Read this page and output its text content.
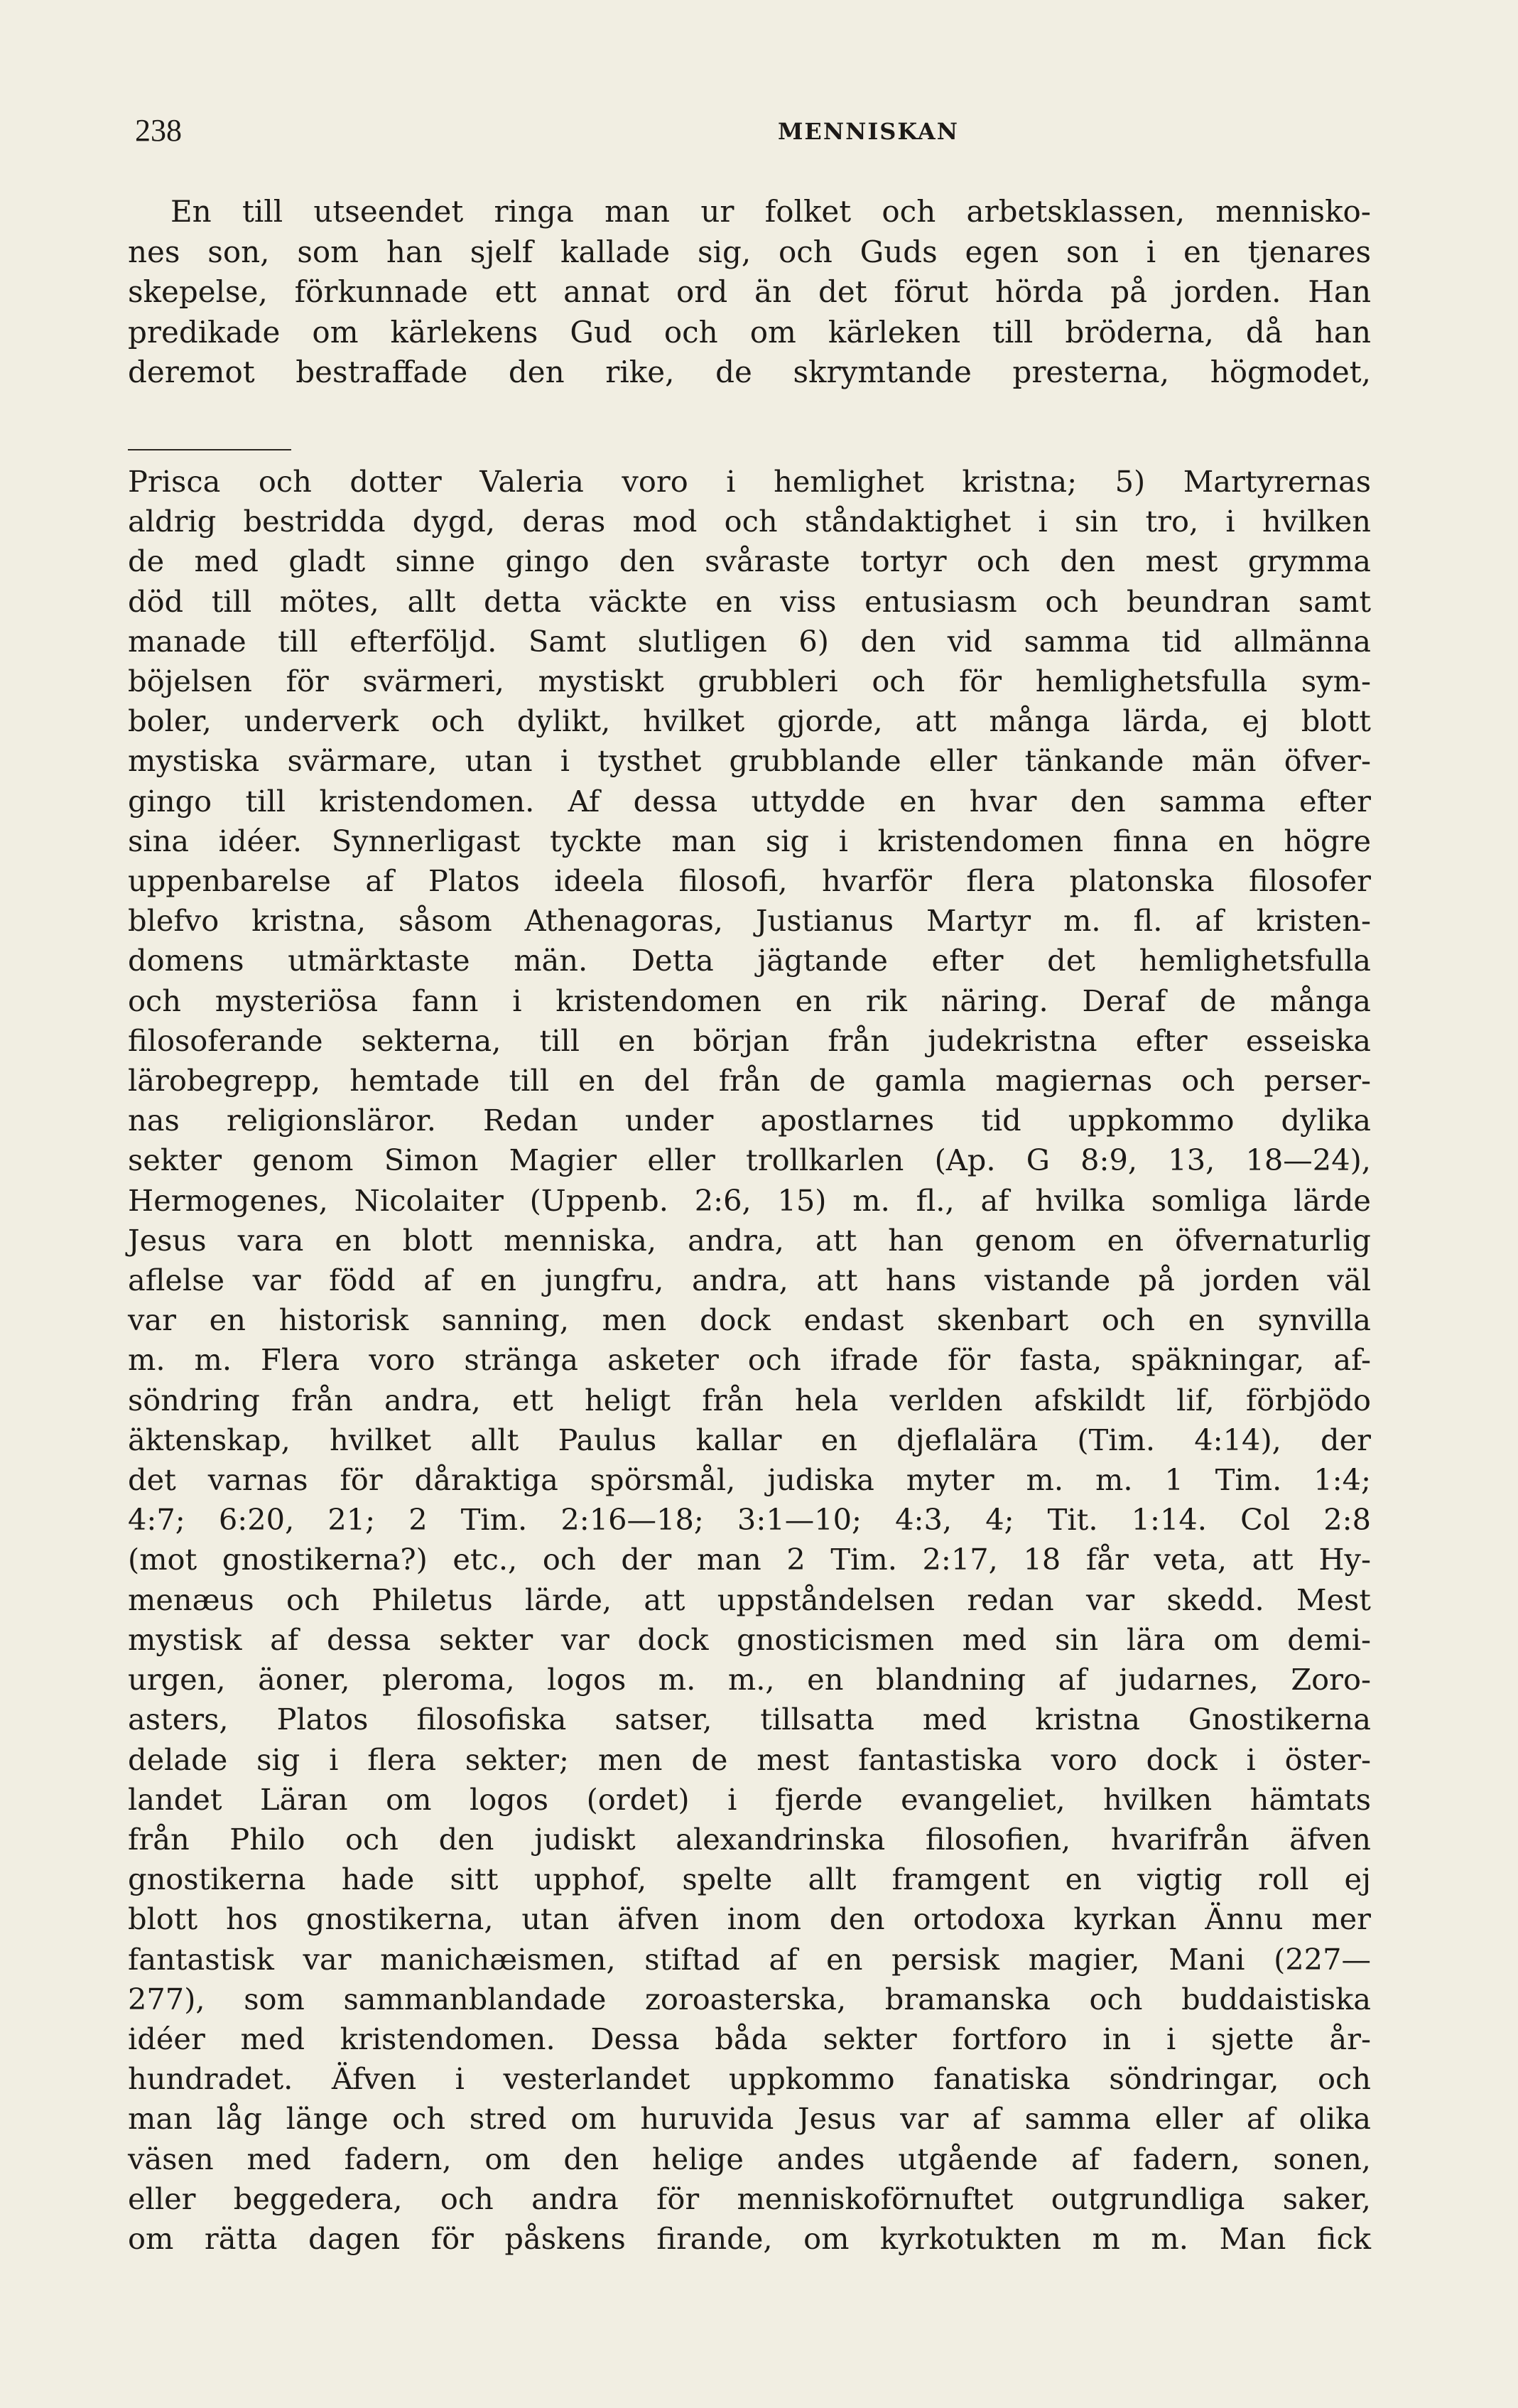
238	MENNISKAN
En till utseendet ringa man ur folket och arbetsklassen, mennisko-
nes son, som han sjelf kallade sig, och Guds egen son i en tjenares
skepelse, förkunnade ett annat ord än det förut hörda på jorden. Han
predikade om kärlekens Gud och om kärleken till bröderna, då han
deremot bestraffade den rike, de skrymtande presterna, högmodet,
Prisca och dotter Valeria voro i hemlighet kristna; 5) Martyrernas
aldrig bestridda dygd, deras mod och ståndaktighet i sin tro, i hvilken
de med gladt sinne gingo den svåraste tortyr och den mest grymma
död till mötes, allt detta väckte en viss entusiasm och beundran samt
manade till efterföljd. Samt slutligen 6) den vid samma tid allmänna
böjelsen för svärmeri, mystiskt grubbleri och för hemlighetsfulla sym-
boler, underverk och dylikt, hvilket gjorde, att många lärda, ej blott
mystiska svärmare, utan i tysthet grubblande eller tänkande män öfver-
gingo till kristendomen. Af dessa uttydde en hvar den samma efter
sina idéer. Synnerligast tyckte man sig i kristendomen finna en högre
uppenbarelse af Platos ideela filosofi, hvarför flera platonska filosofer
blefvo kristna, såsom Athenagoras, Justianus Martyr m. fl. af kristen-
domens utmärktaste män. Detta jägtande efter det hemlighetsfulla
och mysteriösa fann i kristendomen en rik näring. Deraf de många
filosoferande sekterna, till en början från judekristna efter esseiska
lärobegrepp, hemtade till en del från de gamla magiernas och perser-
nas religionsläror. Redan under apostlarnes tid uppkommo dylika
sekter genom Simon Magier eller trollkarlen (Ap. G 8:9, 13, 18—24),
Hermogenes, Nicolaiter (Uppenb. 2:6, 15) m. fl., af hvilka somliga lärde
Jesus vara en blott menniska, andra, att han genom en öfvernaturlig
aflelse var född af en jungfru, andra, att hans vistande på jorden väl
var en historisk sanning, men dock endast skenbart och en synvilla
m. m. Flera voro stränga asketer och ifrade för fasta, späkningar, af-
söndring från andra, ett heligt från hela verlden afskildt lif, förbjödo
äktenskap, hvilket allt Paulus kallar en djeflalära (Tim. 4:14), der
det varnas för dåraktiga spörsmål, judiska myter m. m. 1 Tim. 1:4;
4:7; 6:20, 21; 2 Tim. 2:16—18; 3:1—10; 4:3, 4; Tit. 1:14. Col 2:8
(mot gnostikerna?) etc., och der man 2 Tim. 2:17, 18 får veta, att Hy-
menæus och Philetus lärde, att uppståndelsen redan var skedd. Mest
mystisk af dessa sekter var dock gnosticismen med sin lära om demi-
urgen, äoner, pleroma, logos m. m., en blandning af judarnes, Zoro-
asters, Platos filosofiska satser, tillsatta med kristna Gnostikerna
delade sig i flera sekter; men de mest fantastiska voro dock i öster-
landet Läran om logos (ordet) i fjerde evangeliet, hvilken hämtats
från Philo och den judiskt alexandrinska filosofien, hvarifrån äfven
gnostikerna hade sitt upphof, spelte allt framgent en vigtig roll ej
blott hos gnostikerna, utan äfven inom den ortodoxa kyrkan Ännu mer
fantastisk var manichæismen, stiftad af en persisk magier, Mani (227—
277), som sammanblandade zoroasterska, bramanska och buddaistiska
idéer med kristendomen. Dessa båda sekter fortforo in i sjette år-
hundradet. Äfven i vesterlandet uppkommo fanatiska söndringar, och
man låg länge och stred om huruvida Jesus var af samma eller af olika
väsen med fadern, om den helige andes utgående af fadern, sonen,
eller beggedera, och andra för menniskoförnuftet outgrundliga saker,
om rätta dagen för påskens firande, om kyrkotukten m m. Man fick
